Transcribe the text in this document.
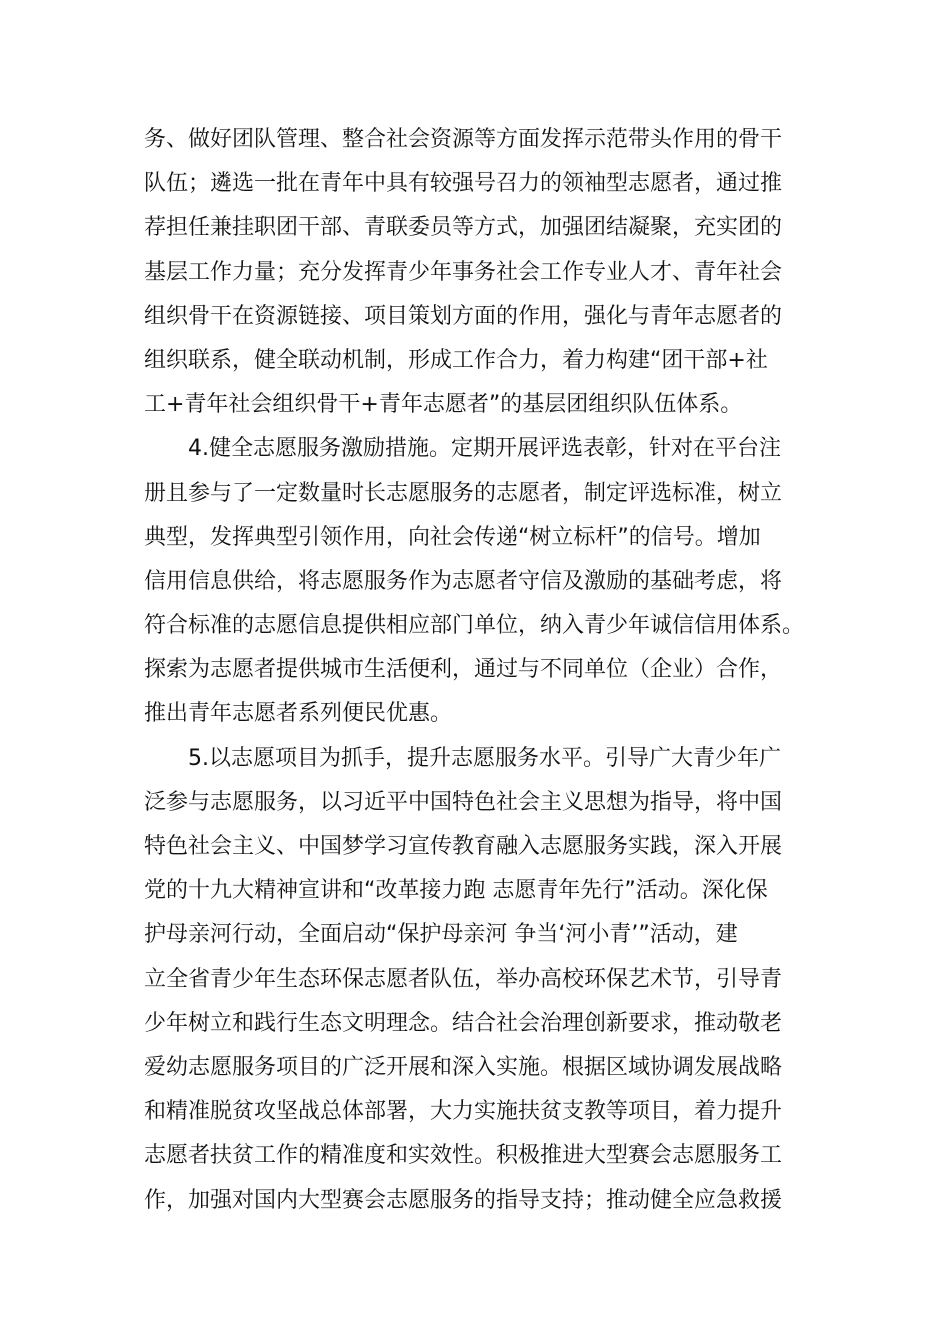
务、做好团队管理、整合社会资源等方面发挥示范带头作用的骨干
队伍；遴选一批在青年中具有较强号召力的领袖型志愿者，通过推
荐担任兼挂职团干部、青联委员等方式，加强团结凝聚，充实团的
基层工作力量；充分发挥青少年事务社会工作专业人才、青年社会
组织骨干在资源链接、项目策划方面的作用，强化与青年志愿者的
组织联系，健全联动机制，形成工作合力，着力构建“团干部+社
工+青年社会组织骨干+青年志愿者”的基层团组织队伍体系。
4.健全志愿服务激励措施。定期开展评选表彰，针对在平台注
册且参与了一定数量时长志愿服务的志愿者，制定评选标准，树立
典型，发挥典型引领作用，向社会传递“树立标杆”的信号。增加
信用信息供给，将志愿服务作为志愿者守信及激励的基础考虑，将
符合标准的志愿信息提供相应部门单位，纳入青少年诚信信用体系。
探索为志愿者提供城市生活便利，通过与不同单位（企业）合作，
推出青年志愿者系列便民优惠。
5.以志愿项目为抓手，提升志愿服务水平。引导广大青少年广
泛参与志愿服务，以习近平中国特色社会主义思想为指导，将中国
特色社会主义、中国梦学习宣传教育融入志愿服务实践，深入开展
党的十九大精神宣讲和“改革接力跑 志愿青年先行”活动。深化保
护母亲河行动，全面启动“保护母亲河 争当‘河小青’”活动，建
立全省青少年生态环保志愿者队伍，举办高校环保艺术节，引导青
少年树立和践行生态文明理念。结合社会治理创新要求，推动敬老
爱幼志愿服务项目的广泛开展和深入实施。根据区域协调发展战略
和精准脱贫攻坚战总体部署，大力实施扶贫支教等项目，着力提升
志愿者扶贫工作的精准度和实效性。积极推进大型赛会志愿服务工
作，加强对国内大型赛会志愿服务的指导支持；推动健全应急救援
